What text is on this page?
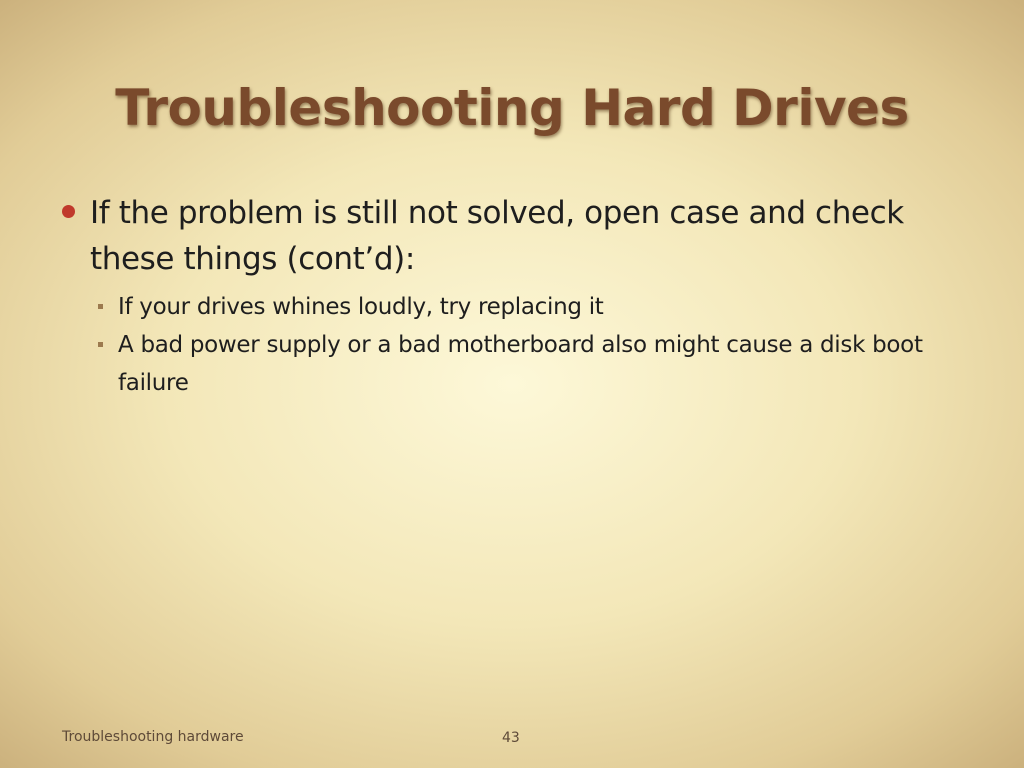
Troubleshooting Hard Drives
If the problem is still not solved, open case and check these things (cont’d):
If your drives whines loudly, try replacing it
A bad power supply or a bad motherboard also might cause a disk boot failure
Troubleshooting hardware	43
